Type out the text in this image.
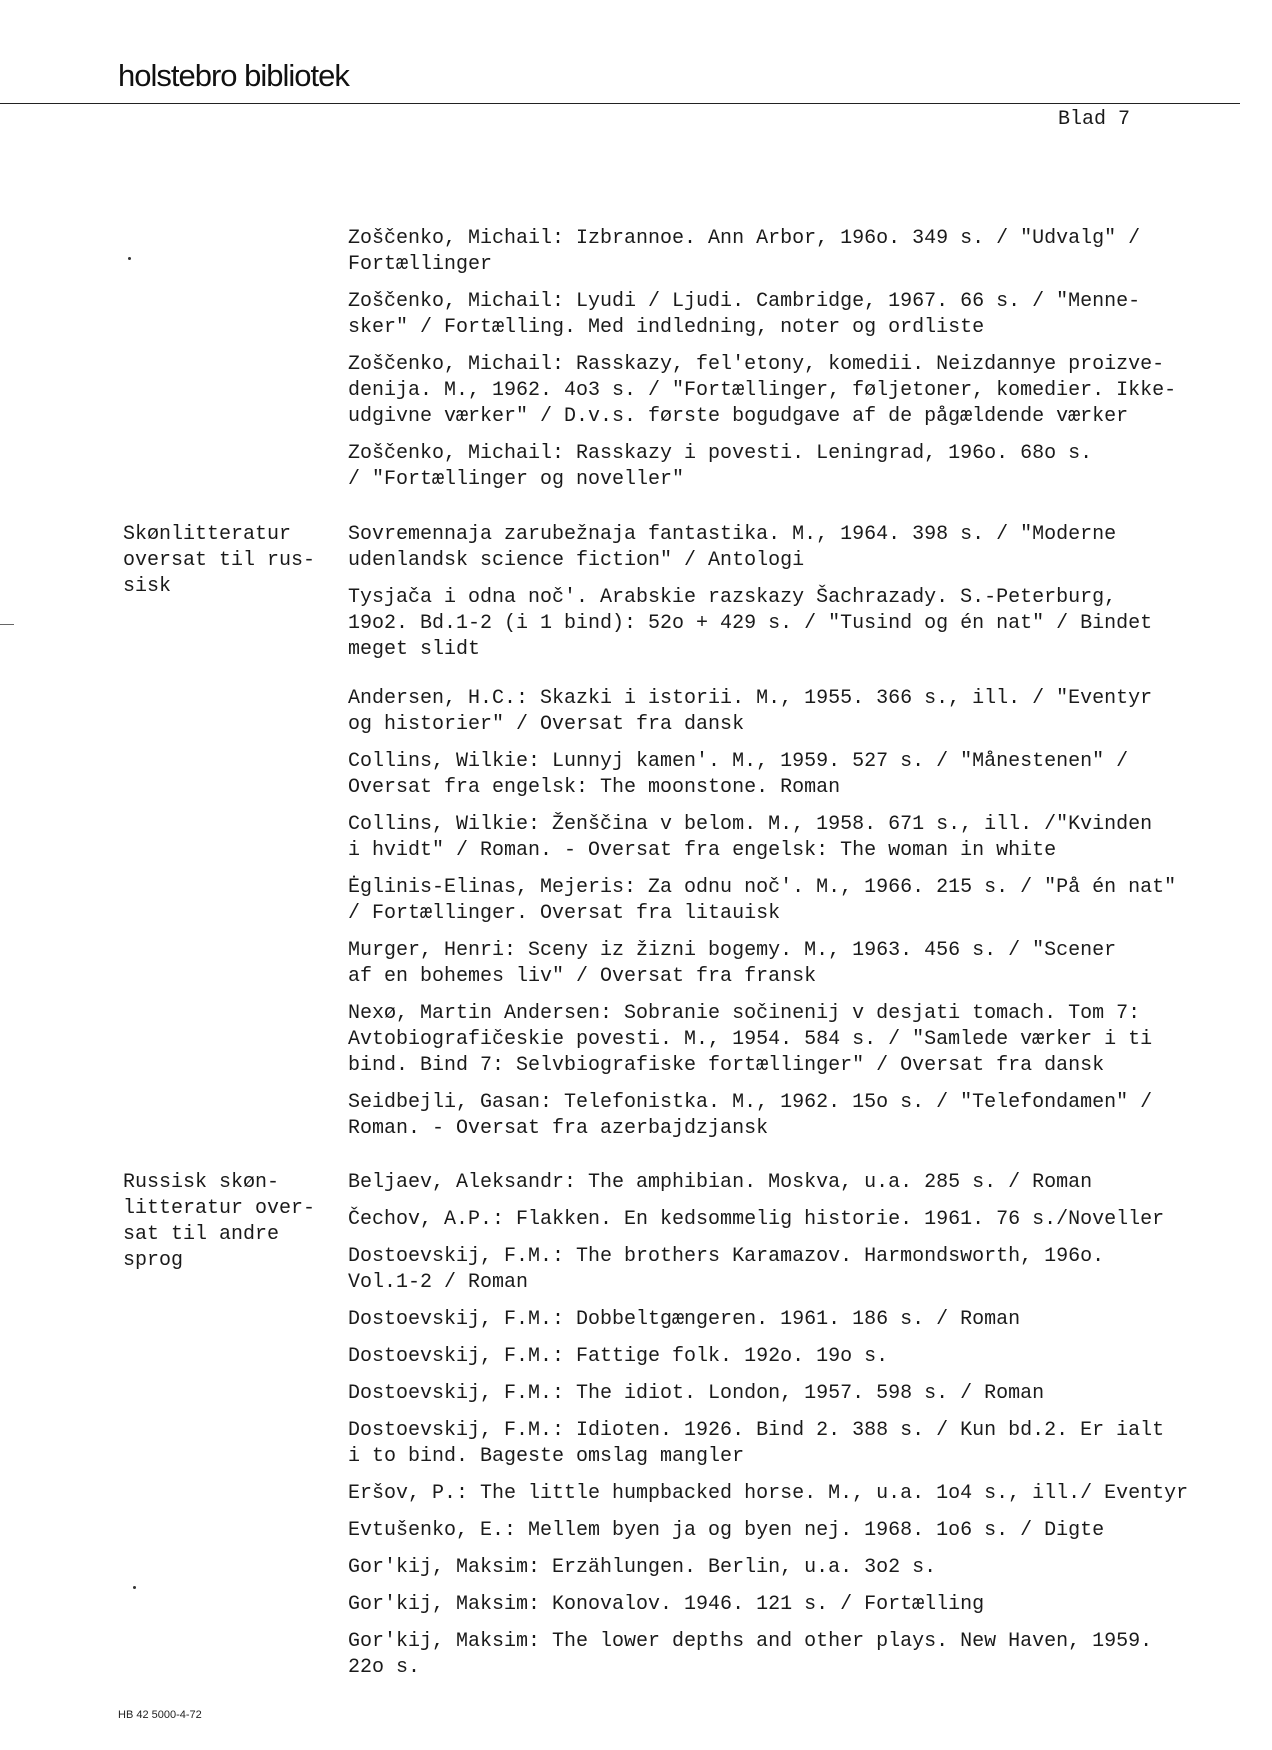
holstebro bibliotek
Blad 7
Zoščenko, Michail: Izbrannoe. Ann Arbor, 196o. 349 s. / "Udvalg" /
Fortællinger
Zoščenko, Michail: Lyudi / Ljudi. Cambridge, 1967. 66 s. / "Menne-
sker" / Fortælling. Med indledning, noter og ordliste
Zoščenko, Michail: Rasskazy, fel'etony, komedii. Neizdannye proizve-
denija. M., 1962. 4o3 s. / "Fortællinger, føljetoner, komedier. Ikke-
udgivne værker" / D.v.s. første bogudgave af de pågældende værker
Zoščenko, Michail: Rasskazy i povesti. Leningrad, 196o. 68o s.
/ "Fortællinger og noveller"
Skønlitteratur
oversat til rus-
sisk
Sovremennaja zarubežnaja fantastika. M., 1964. 398 s. / "Moderne
udenlandsk science fiction" / Antologi
Tysjača i odna noč'. Arabskie razskazy Šachrazady. S.-Peterburg,
19o2. Bd.1-2 (i 1 bind): 52o + 429 s. / "Tusind og én nat" / Bindet
meget slidt
Andersen, H.C.: Skazki i istorii. M., 1955. 366 s., ill. / "Eventyr
og historier" / Oversat fra dansk
Collins, Wilkie: Lunnyj kamen'. M., 1959. 527 s. / "Månestenen" /
Oversat fra engelsk: The moonstone. Roman
Collins, Wilkie: Ženščina v belom. M., 1958. 671 s., ill. /"Kvinden
i hvidt" / Roman. - Oversat fra engelsk: The woman in white
Ėglinis-Elinas, Mejeris: Za odnu noč'. M., 1966. 215 s. / "På én nat"
/ Fortællinger. Oversat fra litauisk
Murger, Henri: Sceny iz žizni bogemy. M., 1963. 456 s. / "Scener
af en bohemes liv" / Oversat fra fransk
Nexø, Martin Andersen: Sobranie sočinenij v desjati tomach. Tom 7:
Avtobiografičeskie povesti. M., 1954. 584 s. / "Samlede værker i ti
bind. Bind 7: Selvbiografiske fortællinger" / Oversat fra dansk
Seidbejli, Gasan: Telefonistka. M., 1962. 15o s. / "Telefondamen" /
Roman. - Oversat fra azerbajdzjansk
Russisk skøn-
litteratur over-
sat til andre
sprog
Beljaev, Aleksandr: The amphibian. Moskva, u.a. 285 s. / Roman
Čechov, A.P.: Flakken. En kedsommelig historie. 1961. 76 s./Noveller
Dostoevskij, F.M.: The brothers Karamazov. Harmondsworth, 196o.
Vol.1-2 / Roman
Dostoevskij, F.M.: Dobbeltgængeren. 1961. 186 s. / Roman
Dostoevskij, F.M.: Fattige folk. 192o. 19o s.
Dostoevskij, F.M.: The idiot. London, 1957. 598 s. / Roman
Dostoevskij, F.M.: Idioten. 1926. Bind 2. 388 s. / Kun bd.2. Er ialt
i to bind. Bageste omslag mangler
Eršov, P.: The little humpbacked horse. M., u.a. 1o4 s., ill./ Eventyr
Evtušenko, E.: Mellem byen ja og byen nej. 1968. 1o6 s. / Digte
Gor'kij, Maksim: Erzählungen. Berlin, u.a. 3o2 s.
Gor'kij, Maksim: Konovalov. 1946. 121 s. / Fortælling
Gor'kij, Maksim: The lower depths and other plays. New Haven, 1959.
22o s.
HB 42 5000-4-72
